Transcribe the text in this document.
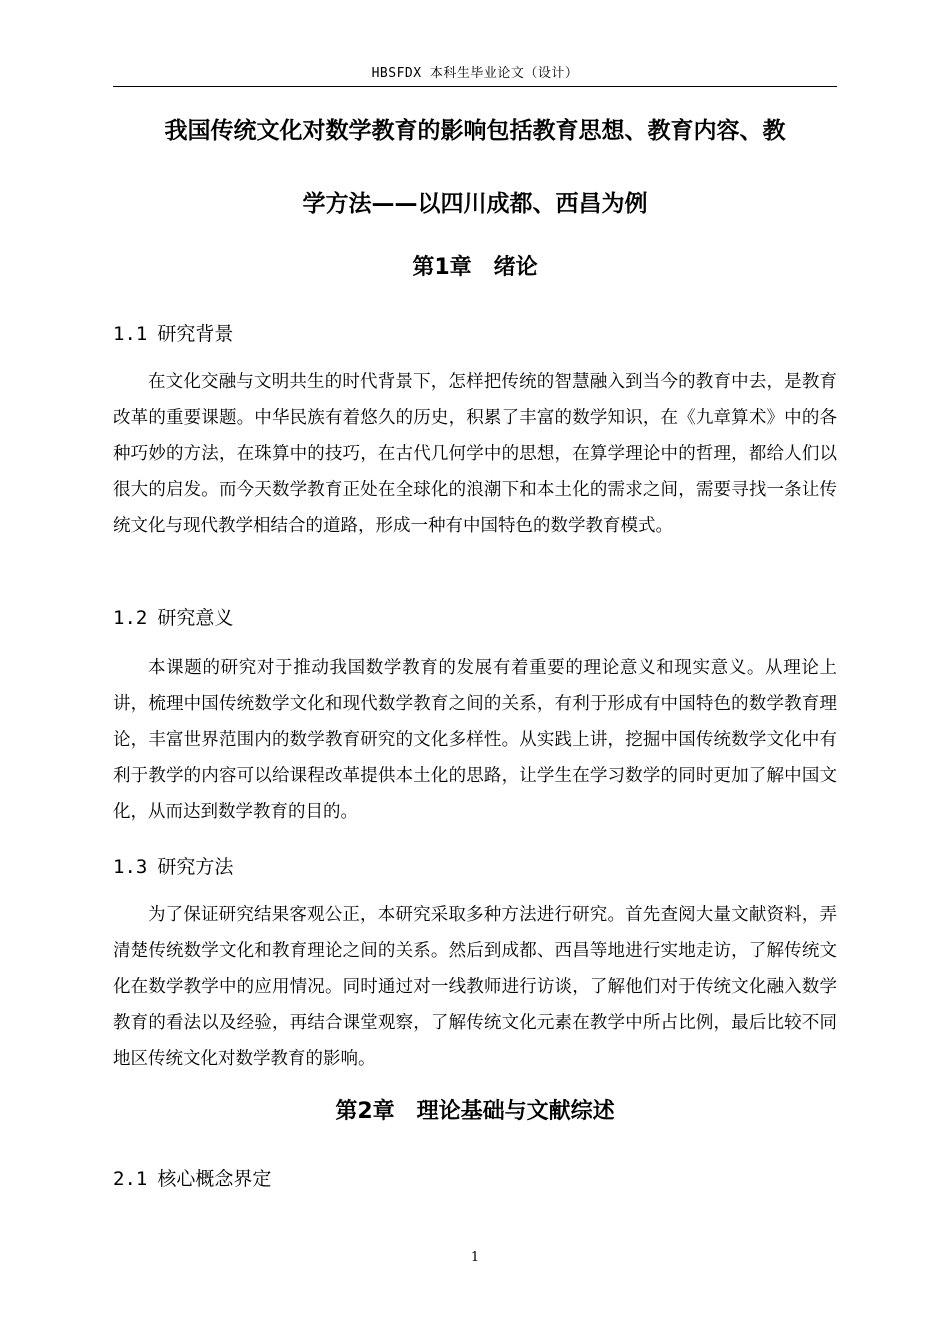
HBSFDX 本科生毕业论文（设计）
我国传统文化对数学教育的影响包括教育思想、教育内容、教
学方法——以四川成都、西昌为例
第1章　绪论
1.1 研究背景

在文化交融与文明共生的时代背景下，怎样把传统的智慧融入到当今的教育中去，是教育改革的重要课题。中华民族有着悠久的历史，积累了丰富的数学知识，在《九章算术》中的各种巧妙的方法，在珠算中的技巧，在古代几何学中的思想，在算学理论中的哲理，都给人们以很大的启发。而今天数学教育正处在全球化的浪潮下和本土化的需求之间，需要寻找一条让传统文化与现代教学相结合的道路，形成一种有中国特色的数学教育模式。

1.2 研究意义

本课题的研究对于推动我国数学教育的发展有着重要的理论意义和现实意义。从理论上讲，梳理中国传统数学文化和现代数学教育之间的关系，有利于形成有中国特色的数学教育理论，丰富世界范围内的数学教育研究的文化多样性。从实践上讲，挖掘中国传统数学文化中有利于教学的内容可以给课程改革提供本土化的思路，让学生在学习数学的同时更加了解中国文化，从而达到数学教育的目的。

1.3 研究方法

为了保证研究结果客观公正，本研究采取多种方法进行研究。首先查阅大量文献资料，弄清楚传统数学文化和教育理论之间的关系。然后到成都、西昌等地进行实地走访，了解传统文化在数学教学中的应用情况。同时通过对一线教师进行访谈，了解他们对于传统文化融入数学教育的看法以及经验，再结合课堂观察，了解传统文化元素在教学中所占比例，最后比较不同地区传统文化对数学教育的影响。

第2章　理论基础与文献综述
2.1 核心概念界定
1
